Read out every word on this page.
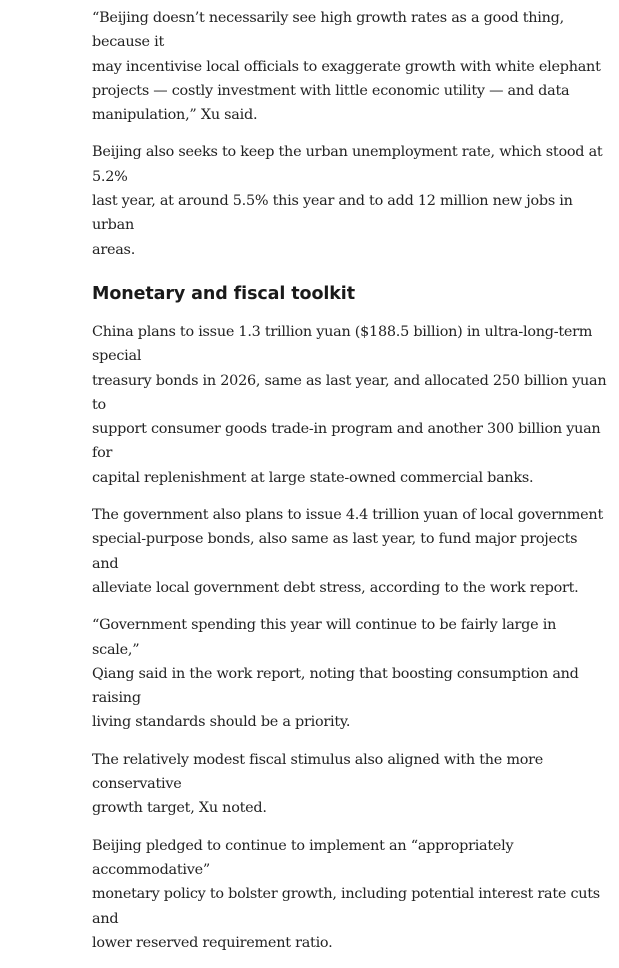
“Beijing doesn’t necessarily see high growth rates as a good thing, because it
may incentivise local officials to exaggerate growth with white elephant
projects — costly investment with little economic utility — and data
manipulation,” Xu said.

Beijing also seeks to keep the urban unemployment rate, which stood at 5.2%
last year, at around 5.5% this year and to add 12 million new jobs in urban
areas.

Monetary and fiscal toolkit

China plans to issue 1.3 trillion yuan ($188.5 billion) in ultra-long-term special
treasury bonds in 2026, same as last year, and allocated 250 billion yuan to
support consumer goods trade-in program and another 300 billion yuan for
capital replenishment at large state-owned commercial banks.

The government also plans to issue 4.4 trillion yuan of local government
special-purpose bonds, also same as last year, to fund major projects and
alleviate local government debt stress, according to the work report.

“Government spending this year will continue to be fairly large in scale,”
Qiang said in the work report, noting that boosting consumption and raising
living standards should be a priority.

The relatively modest fiscal stimulus also aligned with the more conservative
growth target, Xu noted.

Beijing pledged to continue to implement an “appropriately accommodative”
monetary policy to bolster growth, including potential interest rate cuts and
lower reserved requirement ratio.
